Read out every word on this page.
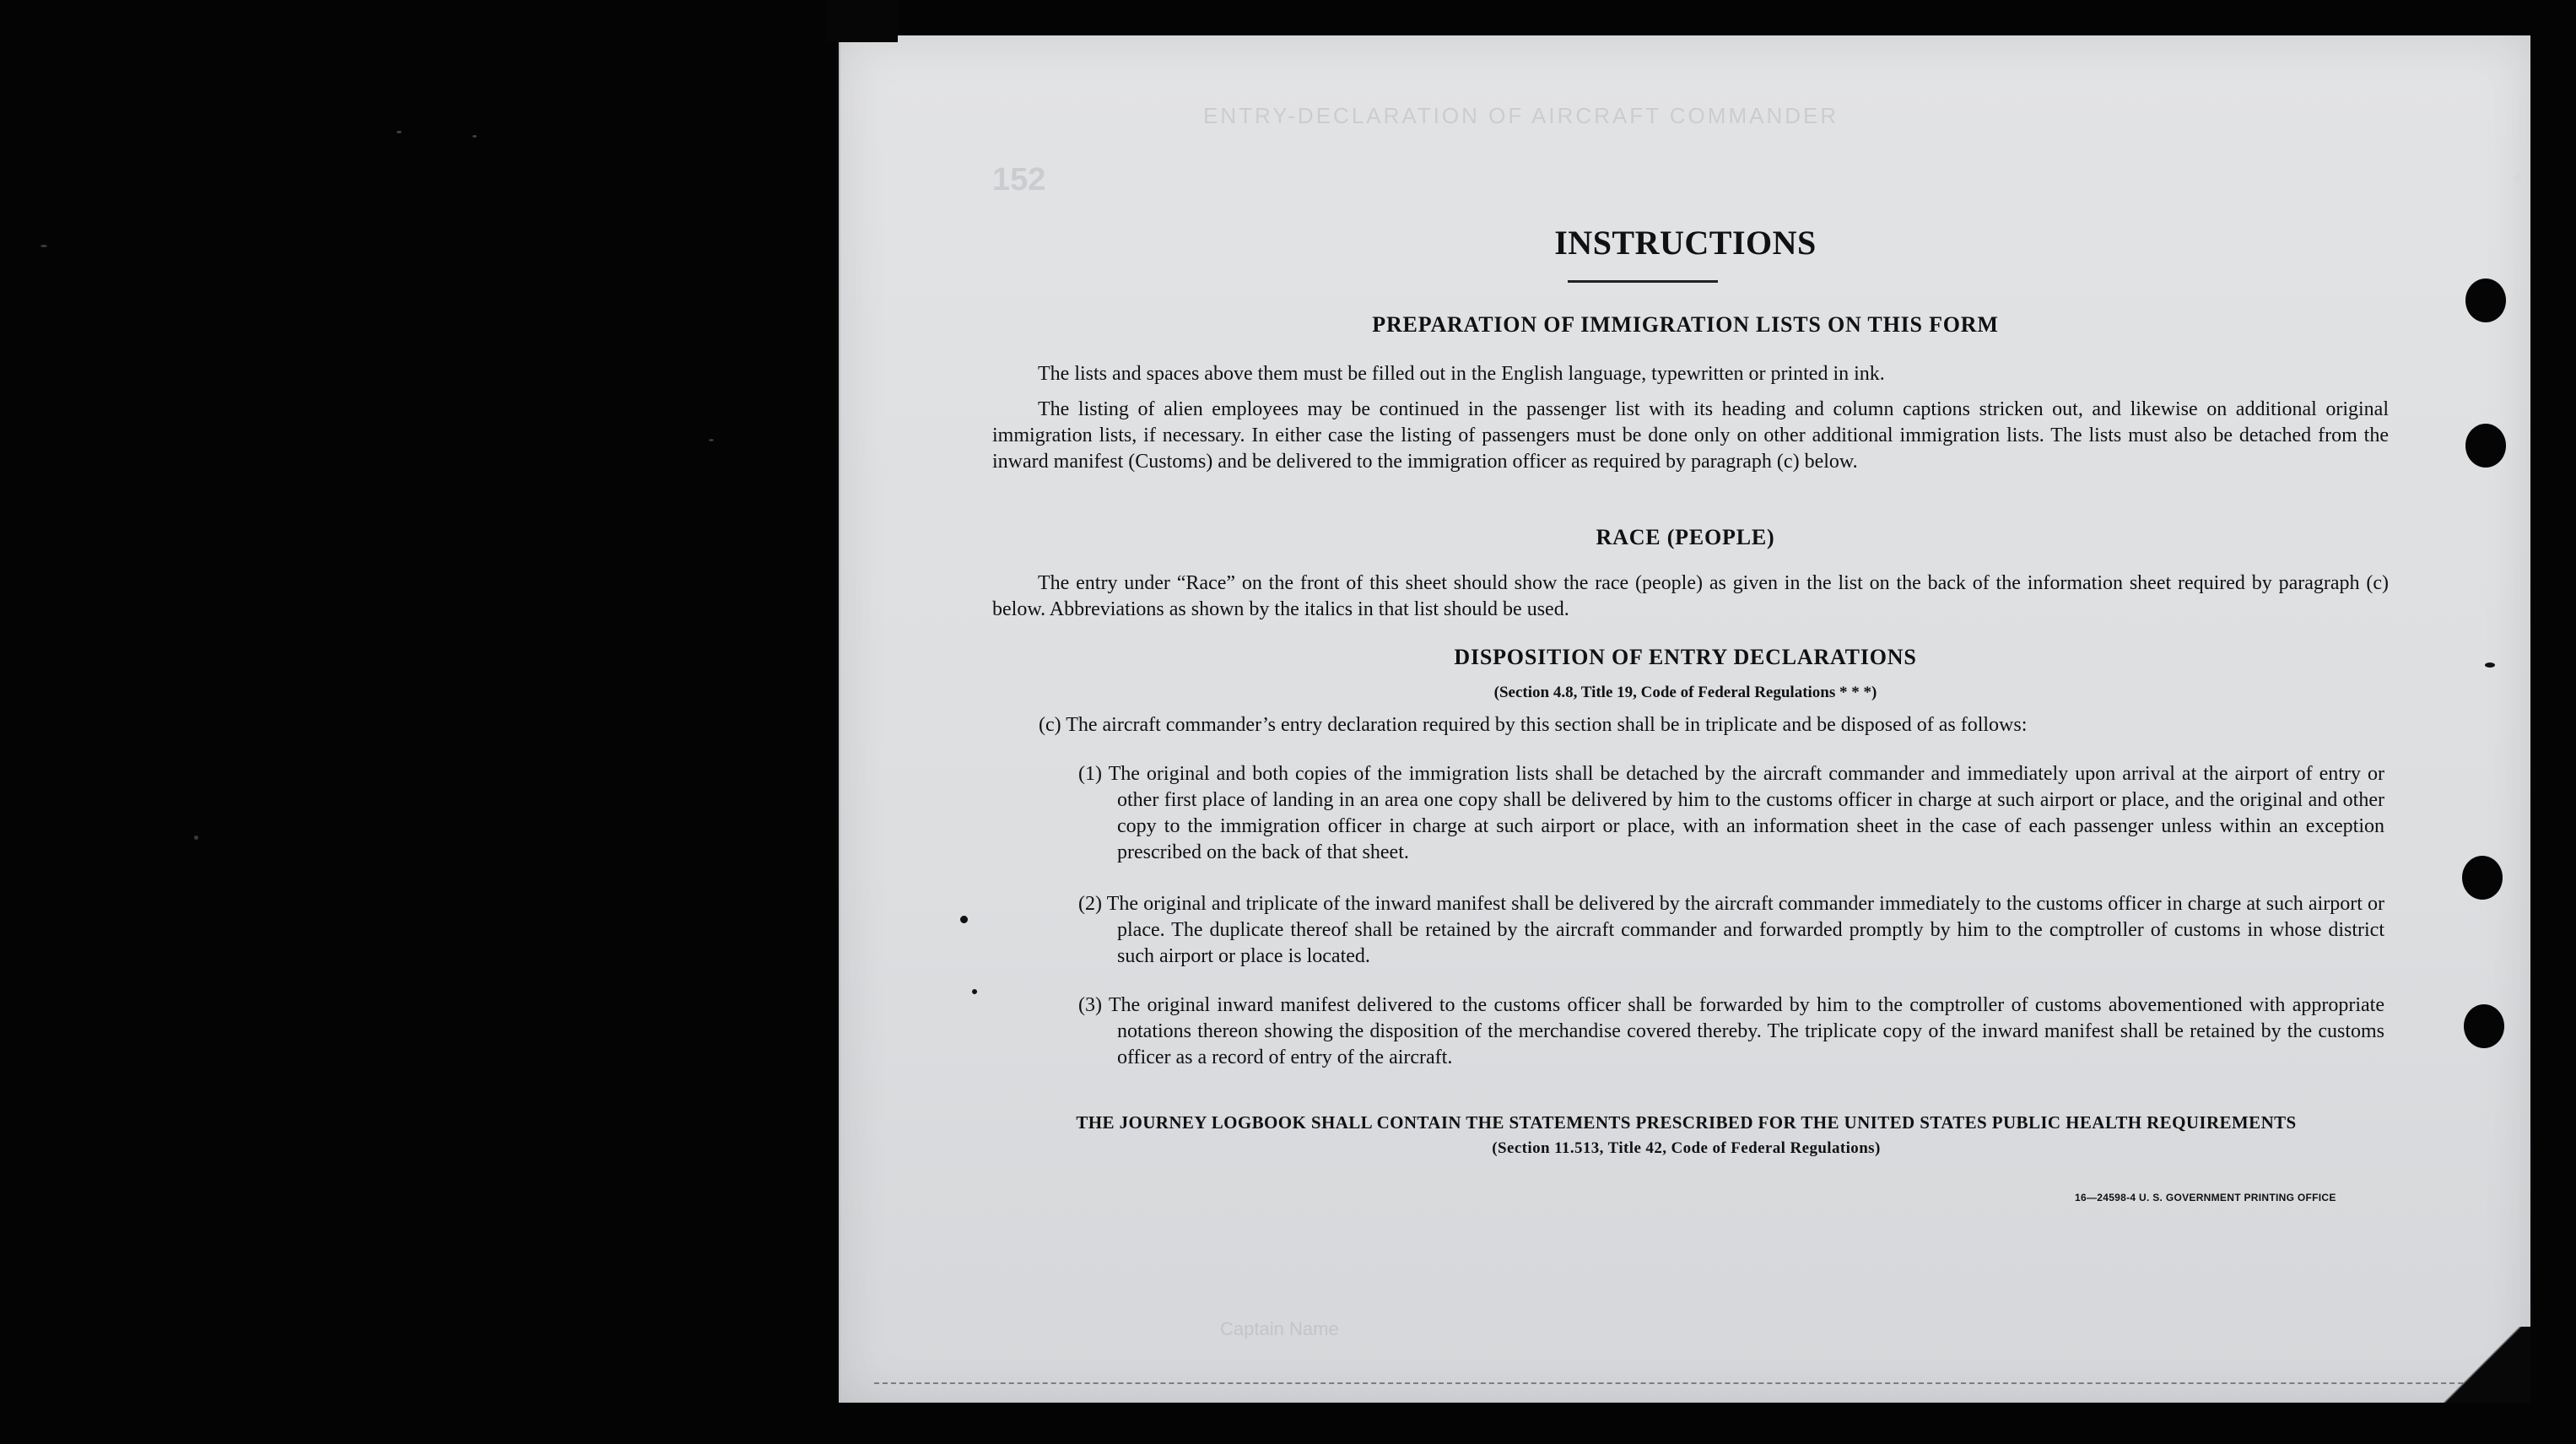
ENTRY-DECLARATION OF AIRCRAFT COMMANDER
152
Captain Name
INSTRUCTIONS
PREPARATION OF IMMIGRATION LISTS ON THIS FORM
The lists and spaces above them must be filled out in the English language, typewritten or printed in ink.
The listing of alien employees may be continued in the passenger list with its heading and column captions stricken out, and likewise on additional original immigration lists, if necessary. In either case the listing of passengers must be done only on other additional immigration lists. The lists must also be detached from the inward manifest (Customs) and be delivered to the immigration officer as required by paragraph (c) below.
RACE (PEOPLE)
The entry under “Race” on the front of this sheet should show the race (people) as given in the list on the back of the information sheet required by paragraph (c) below. Abbreviations as shown by the italics in that list should be used.
DISPOSITION OF ENTRY DECLARATIONS
(Section 4.8, Title 19, Code of Federal Regulations * * *)
(c) The aircraft commander’s entry declaration required by this section shall be in triplicate and be disposed of as follows:
(1) The original and both copies of the immigration lists shall be detached by the aircraft commander and immediately upon arrival at the airport of entry or other first place of landing in an area one copy shall be delivered by him to the customs officer in charge at such airport or place, and the original and other copy to the immigration officer in charge at such airport or place, with an information sheet in the case of each passenger unless within an exception prescribed on the back of that sheet.
(2) The original and triplicate of the inward manifest shall be delivered by the aircraft commander immediately to the customs officer in charge at such airport or place. The duplicate thereof shall be retained by the aircraft commander and forwarded promptly by him to the comptroller of customs in whose district such airport or place is located.
(3) The original inward manifest delivered to the customs officer shall be forwarded by him to the comptroller of customs abovementioned with appropriate notations thereon showing the disposition of the merchandise covered thereby. The triplicate copy of the inward manifest shall be retained by the customs officer as a record of entry of the aircraft.
THE JOURNEY LOGBOOK SHALL CONTAIN THE STATEMENTS PRESCRIBED FOR THE UNITED STATES PUBLIC HEALTH REQUIREMENTS
(Section 11.513, Title 42, Code of Federal Regulations)
16—24598-4 U. S. GOVERNMENT PRINTING OFFICE
